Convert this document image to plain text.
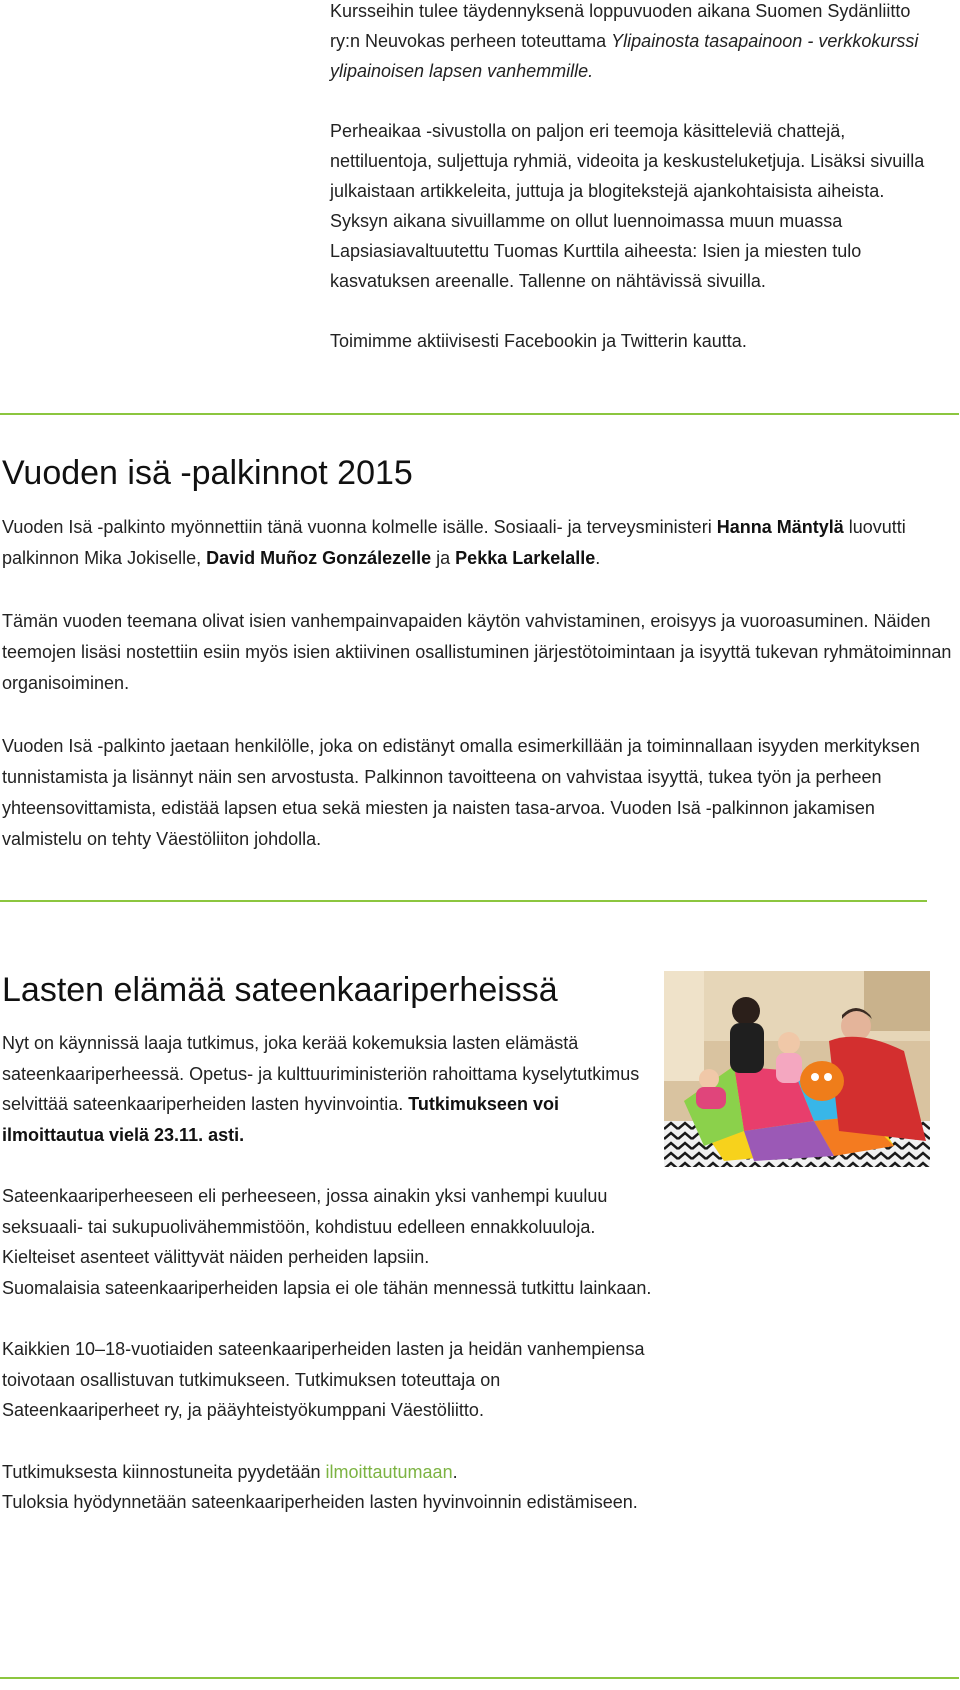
Kursseihin tulee täydennyksenä loppuvuoden aikana Suomen Sydänliitto ry:n Neuvokas perheen toteuttama Ylipainosta tasapainoon - verkkokurssi ylipainoisen lapsen vanhemmille.

Perheaikaa -sivustolla on paljon eri teemoja käsitteleviä chattejä, nettiluentoja, suljettuja ryhmiä, videoita ja keskusteluketjuja. Lisäksi sivuilla julkaistaan artikkeleita, juttuja ja blogitekstejä ajankohtaisista aiheista. Syksyn aikana sivuillamme on ollut luennoimassa muun muassa Lapsiasiavaltuutettu Tuomas Kurttila aiheesta: Isien ja miesten tulo kasvatuksen areenalle. Tallenne on nähtävissä sivuilla.

Toimimme aktiivisesti Facebookin ja Twitterin kautta.

Vuoden isä -palkinnot 2015

Vuoden Isä -palkinto myönnettiin tänä vuonna kolmelle isälle. Sosiaali- ja terveysministeri Hanna Mäntylä luovutti palkinnon Mika Jokiselle, David Muñoz Gonzálezelle ja Pekka Larkelalle.

Tämän vuoden teemana olivat isien vanhempainvapaiden käytön vahvistaminen, eroisyys ja vuoroasuminen. Näiden teemojen lisäsi nostettiin esiin myös isien aktiivinen osallistuminen järjestötoimintaan ja isyyttä tukevan ryhmätoiminnan organisoiminen.

Vuoden Isä -palkinto jaetaan henkilölle, joka on edistänyt omalla esimerkillään ja toiminnallaan isyyden merkityksen tunnistamista ja lisännyt näin sen arvostusta. Palkinnon tavoitteena on vahvistaa isyyttä, tukea työn ja perheen yhteensovittamista, edistää lapsen etua sekä miesten ja naisten tasa-arvoa. Vuoden Isä -palkinnon jakamisen valmistelu on tehty Väestöliiton johdolla.

Lasten elämää sateenkaariperheissä

Nyt on käynnissä laaja tutkimus, joka kerää kokemuksia lasten elämästä sateenkaariperheessä. Opetus- ja kulttuuriministeriön rahoittama kyselytutkimus selvittää sateenkaariperheiden lasten hyvinvointia. Tutkimukseen voi ilmoittautua vielä 23.11. asti.

Sateenkaariperheeseen eli perheeseen, jossa ainakin yksi vanhempi kuuluu seksuaali- tai sukupuolivähemmistöön, kohdistuu edelleen ennakkoluuloja. Kielteiset asenteet välittyvät näiden perheiden lapsiin.

Suomalaisia sateenkaariperheiden lapsia ei ole tähän mennessä tutkittu lainkaan.

Kaikkien 10–18-vuotiaiden sateenkaariperheiden lasten ja heidän vanhempiensa toivotaan osallistuvan tutkimukseen. Tutkimuksen toteuttaja on Sateenkaariperheet ry, ja pääyhteistyökumppani Väestöliitto.

Tutkimuksesta kiinnostuneita pyydetään ilmoittautumaan.

Tuloksia hyödynnetään sateenkaariperheiden lasten hyvinvoinnin edistämiseen.
